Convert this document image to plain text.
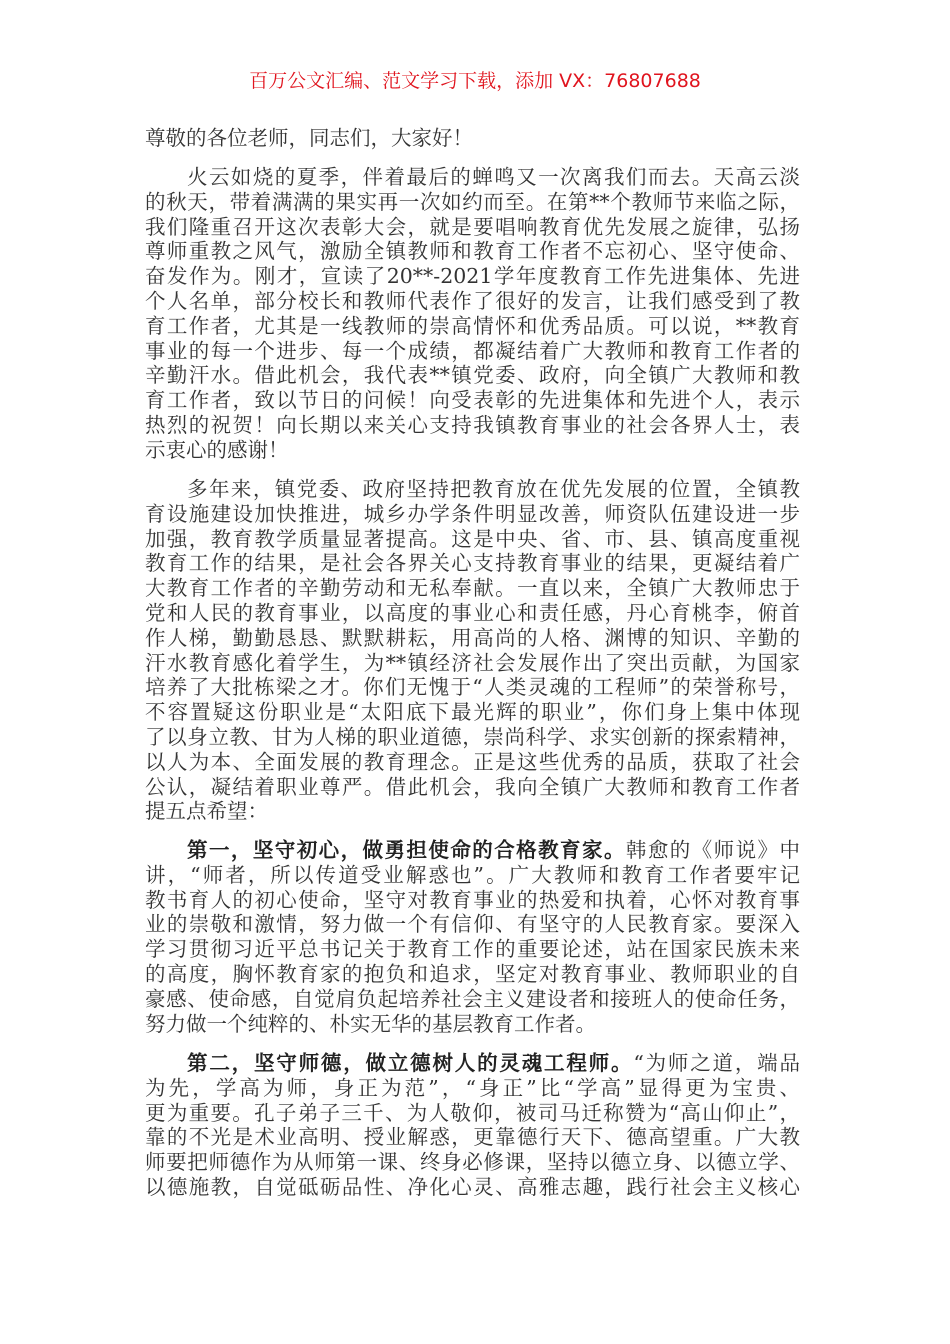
百万公文汇编、范文学习下载，添加 VX：76807688
尊敬的各位老师，同志们，大家好！
火云如烧的夏季，伴着最后的蝉鸣又一次离我们而去。天高云淡
的秋天，带着满满的果实再一次如约而至。在第**个教师节来临之际，
我们隆重召开这次表彰大会，就是要唱响教育优先发展之旋律，弘扬
尊师重教之风气，激励全镇教师和教育工作者不忘初心、坚守使命、
奋发作为。刚才，宣读了20**-2021学年度教育工作先进集体、先进
个人名单，部分校长和教师代表作了很好的发言，让我们感受到了教
育工作者，尤其是一线教师的崇高情怀和优秀品质。可以说，**教育
事业的每一个进步、每一个成绩，都凝结着广大教师和教育工作者的
辛勤汗水。借此机会，我代表**镇党委、政府，向全镇广大教师和教
育工作者，致以节日的问候！向受表彰的先进集体和先进个人，表示
热烈的祝贺！向长期以来关心支持我镇教育事业的社会各界人士，表
示衷心的感谢！
多年来，镇党委、政府坚持把教育放在优先发展的位置，全镇教
育设施建设加快推进，城乡办学条件明显改善，师资队伍建设进一步
加强，教育教学质量显著提高。这是中央、省、市、县、镇高度重视
教育工作的结果，是社会各界关心支持教育事业的结果，更凝结着广
大教育工作者的辛勤劳动和无私奉献。一直以来，全镇广大教师忠于
党和人民的教育事业，以高度的事业心和责任感，丹心育桃李，俯首
作人梯，勤勤恳恳、默默耕耘，用高尚的人格、渊博的知识、辛勤的
汗水教育感化着学生，为**镇经济社会发展作出了突出贡献，为国家
培养了大批栋梁之才。你们无愧于“人类灵魂的工程师”的荣誉称号，
不容置疑这份职业是“太阳底下最光辉的职业”，你们身上集中体现
了以身立教、甘为人梯的职业道德，崇尚科学、求实创新的探索精神，
以人为本、全面发展的教育理念。正是这些优秀的品质，获取了社会
公认，凝结着职业尊严。借此机会，我向全镇广大教师和教育工作者
提五点希望：
第一，坚守初心，做勇担使命的合格教育家。韩愈的《师说》中
讲，“师者，所以传道受业解惑也”。广大教师和教育工作者要牢记
教书育人的初心使命，坚守对教育事业的热爱和执着，心怀对教育事
业的崇敬和激情，努力做一个有信仰、有坚守的人民教育家。要深入
学习贯彻习近平总书记关于教育工作的重要论述，站在国家民族未来
的高度，胸怀教育家的抱负和追求，坚定对教育事业、教师职业的自
豪感、使命感，自觉肩负起培养社会主义建设者和接班人的使命任务，
努力做一个纯粹的、朴实无华的基层教育工作者。
第二，坚守师德，做立德树人的灵魂工程师。“为师之道，端品
为先，学高为师，身正为范”，“身正”比“学高”显得更为宝贵、
更为重要。孔子弟子三千、为人敬仰，被司马迁称赞为“高山仰止”，
靠的不光是术业高明、授业解惑，更靠德行天下、德高望重。广大教
师要把师德作为从师第一课、终身必修课，坚持以德立身、以德立学、
以德施教，自觉砥砺品性、净化心灵、高雅志趣，践行社会主义核心
